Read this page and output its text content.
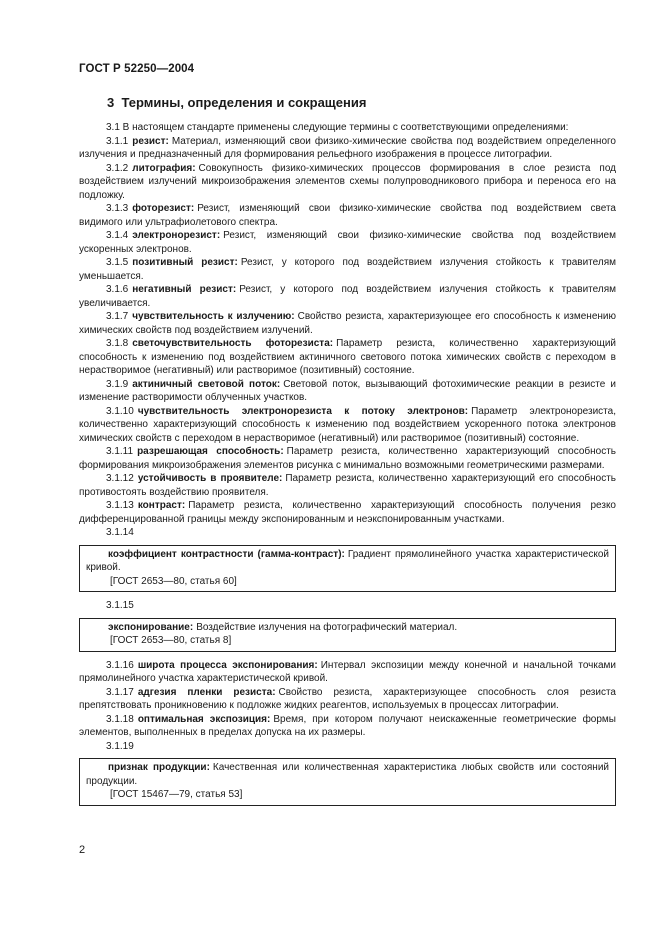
ГОСТ Р 52250—2004
3 Термины, определения и сокращения

3.1 В настоящем стандарте применены следующие термины с соответствующими определениями:

3.1.1 резист: Материал, изменяющий свои физико-химические свойства под воздействием определенного излучения и предназначенный для формирования рельефного изображения в процессе литографии.

3.1.2 литография: Совокупность физико-химических процессов формирования в слое резиста под воздействием излучений микроизображения элементов схемы полупроводникового прибора и переноса его на подложку.

3.1.3 фоторезист: Резист, изменяющий свои физико-химические свойства под воздействием света видимого или ультрафиолетового спектра.

3.1.4 электронорезист: Резист, изменяющий свои физико-химические свойства под воздействием ускоренных электронов.

3.1.5 позитивный резист: Резист, у которого под воздействием излучения стойкость к травителям уменьшается.

3.1.6 негативный резист: Резист, у которого под воздействием излучения стойкость к травителям увеличивается.

3.1.7 чувствительность к излучению: Свойство резиста, характеризующее его способность к изменению химических свойств под воздействием излучений.

3.1.8 светочувствительность фоторезиста: Параметр резиста, количественно характеризующий способность к изменению под воздействием актиничного светового потока химических свойств с переходом в нерастворимое (негативный) или растворимое (позитивный) состояние.

3.1.9 актиничный световой поток: Световой поток, вызывающий фотохимические реакции в резисте и изменение растворимости облученных участков.

3.1.10 чувствительность электронорезиста к потоку электронов: Параметр электронорезиста, количественно характеризующий способность к изменению под воздействием ускоренного потока электронов химических свойств с переходом в нерастворимое (негативный) или растворимое (позитивный) состояние.

3.1.11 разрешающая способность: Параметр резиста, количественно характеризующий способность формирования микроизображения элементов рисунка с минимально возможными геометрическими размерами.

3.1.12 устойчивость в проявителе: Параметр резиста, количественно характеризующий его способность противостоять воздействию проявителя.

3.1.13 контраст: Параметр резиста, количественно характеризующий способность получения резко дифференцированной границы между экспонированным и неэкспонированным участками.

3.1.14

коэффициент контрастности (гамма-контраст): Градиент прямолинейного участка характеристической кривой.

[ГОСТ 2653—80, статья 60]

3.1.15

экспонирование: Воздействие излучения на фотографический материал.

[ГОСТ 2653—80, статья 8]

3.1.16 широта процесса экспонирования: Интервал экспозиции между конечной и начальной точками прямолинейного участка характеристической кривой.

3.1.17 адгезия пленки резиста: Свойство резиста, характеризующее способность слоя резиста препятствовать проникновению к подложке жидких реагентов, используемых в процессах литографии.

3.1.18 оптимальная экспозиция: Время, при котором получают неискаженные геометрические формы элементов, выполненных в пределах допуска на их размеры.

3.1.19

признак продукции: Качественная или количественная характеристика любых свойств или состояний продукции.

[ГОСТ 15467—79, статья 53]
2
